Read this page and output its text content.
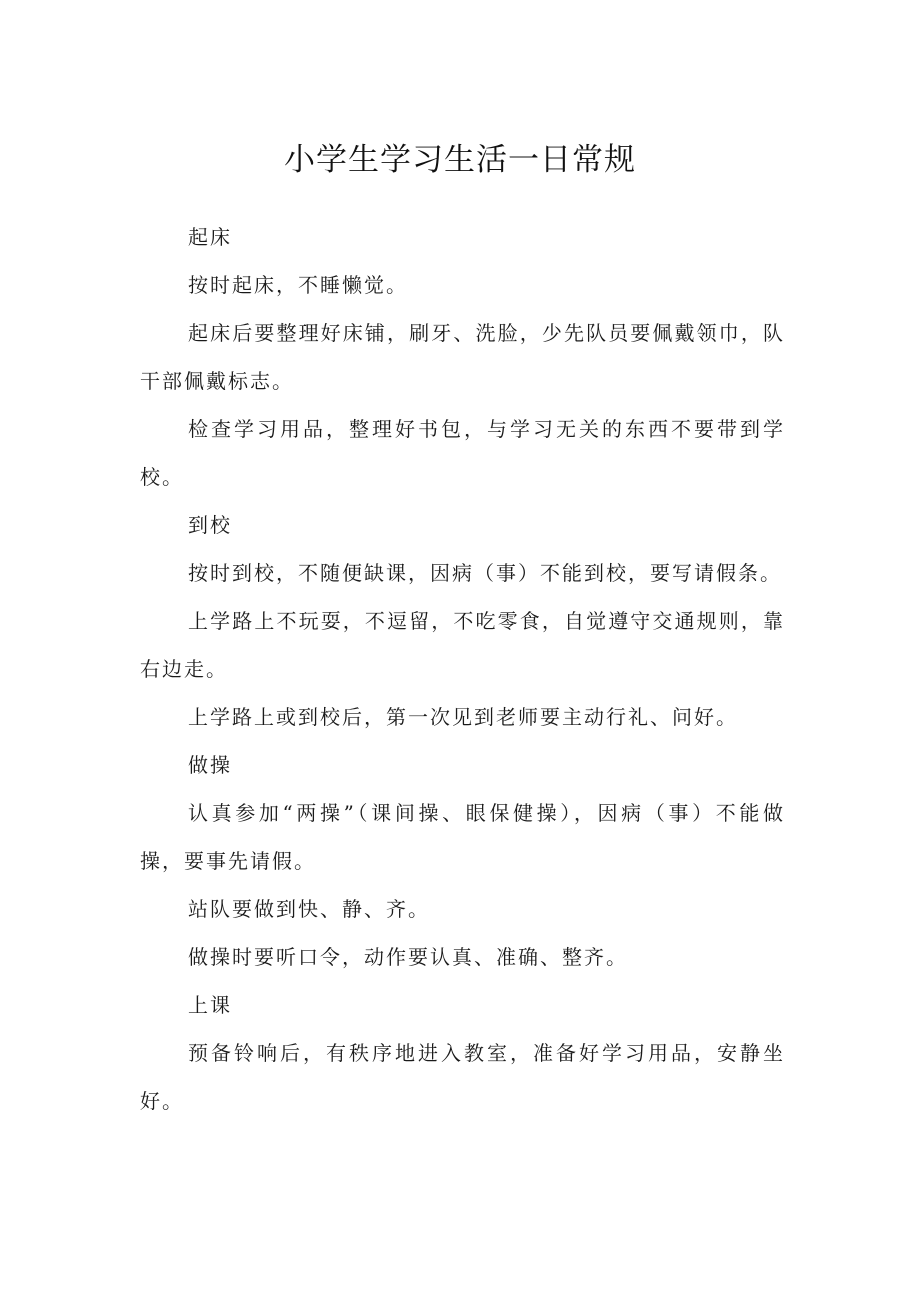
小学生学习生活一日常规

起床

按时起床，不睡懒觉。

起床后要整理好床铺，刷牙、洗脸，少先队员要佩戴领巾，队干部佩戴标志。

检查学习用品，整理好书包，与学习无关的东西不要带到学校。

到校

按时到校，不随便缺课，因病（事）不能到校，要写请假条。

上学路上不玩耍，不逗留，不吃零食，自觉遵守交通规则，靠右边走。

上学路上或到校后，第一次见到老师要主动行礼、问好。

做操

认真参加“两操”（课间操、眼保健操），因病（事）不能做操，要事先请假。

站队要做到快、静、齐。

做操时要听口令，动作要认真、准确、整齐。

上课

预备铃响后，有秩序地进入教室，准备好学习用品，安静坐好。
